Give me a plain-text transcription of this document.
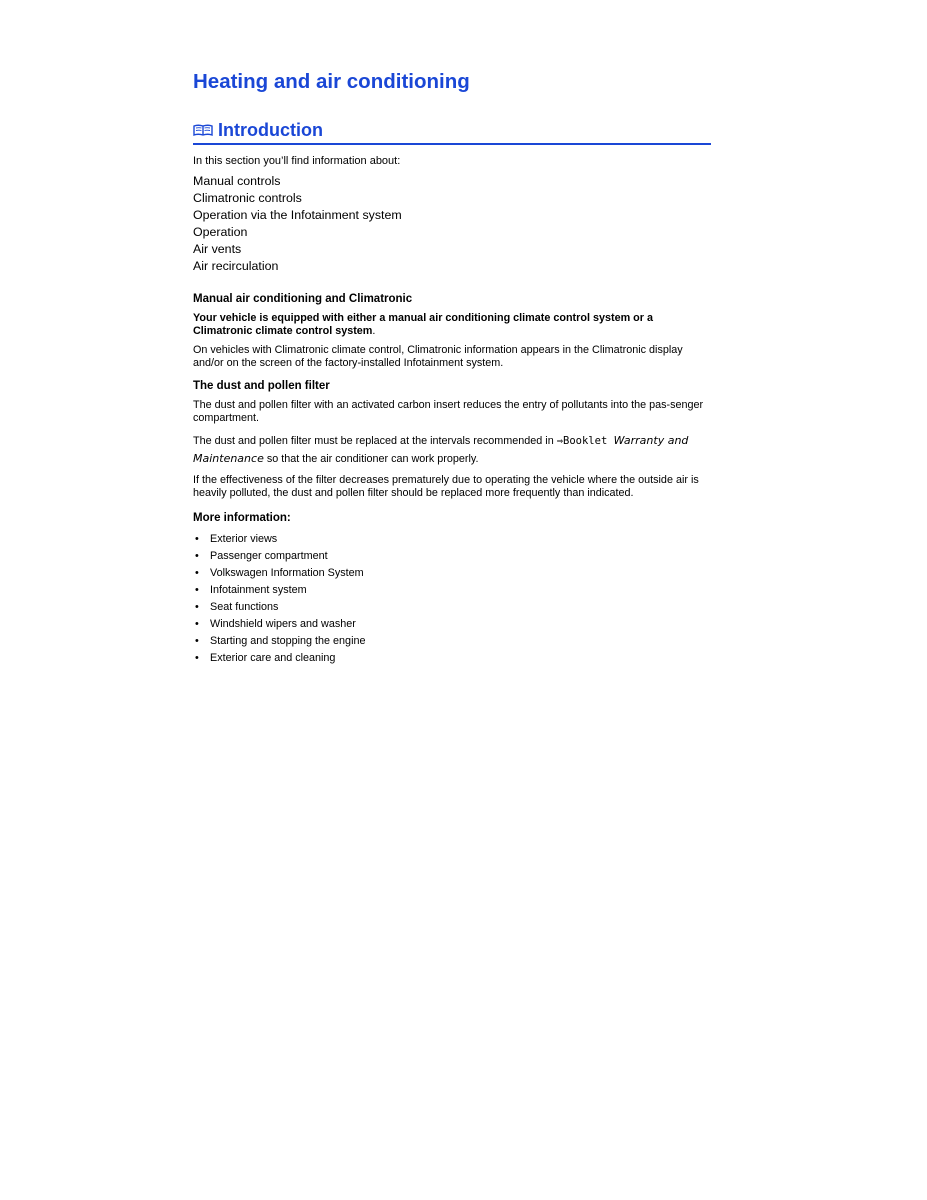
Heating and air conditioning
Introduction
In this section you’ll find information about:
Manual controls
Climatronic controls
Operation via the Infotainment system
Operation
Air vents
Air recirculation
Manual air conditioning and Climatronic

Your vehicle is equipped with either a manual air conditioning climate control system or a Climatronic climate control system.

On vehicles with Climatronic climate control, Climatronic information appears in the Climatronic display and/or on the screen of the factory-installed Infotainment system.

The dust and pollen filter

The dust and pollen filter with an activated carbon insert reduces the entry of pollutants into the pas-senger compartment.

The dust and pollen filter must be replaced at the intervals recommended in ⇒Booklet Warranty and
Maintenance so that the air conditioner can work properly.

If the effectiveness of the filter decreases prematurely due to operating the vehicle where the outside air is heavily polluted, the dust and pollen filter should be replaced more frequently than indicated.

More information:
• Exterior views
• Passenger compartment
• Volkswagen Information System
• Infotainment system
• Seat functions
• Windshield wipers and washer
• Starting and stopping the engine
• Exterior care and cleaning
